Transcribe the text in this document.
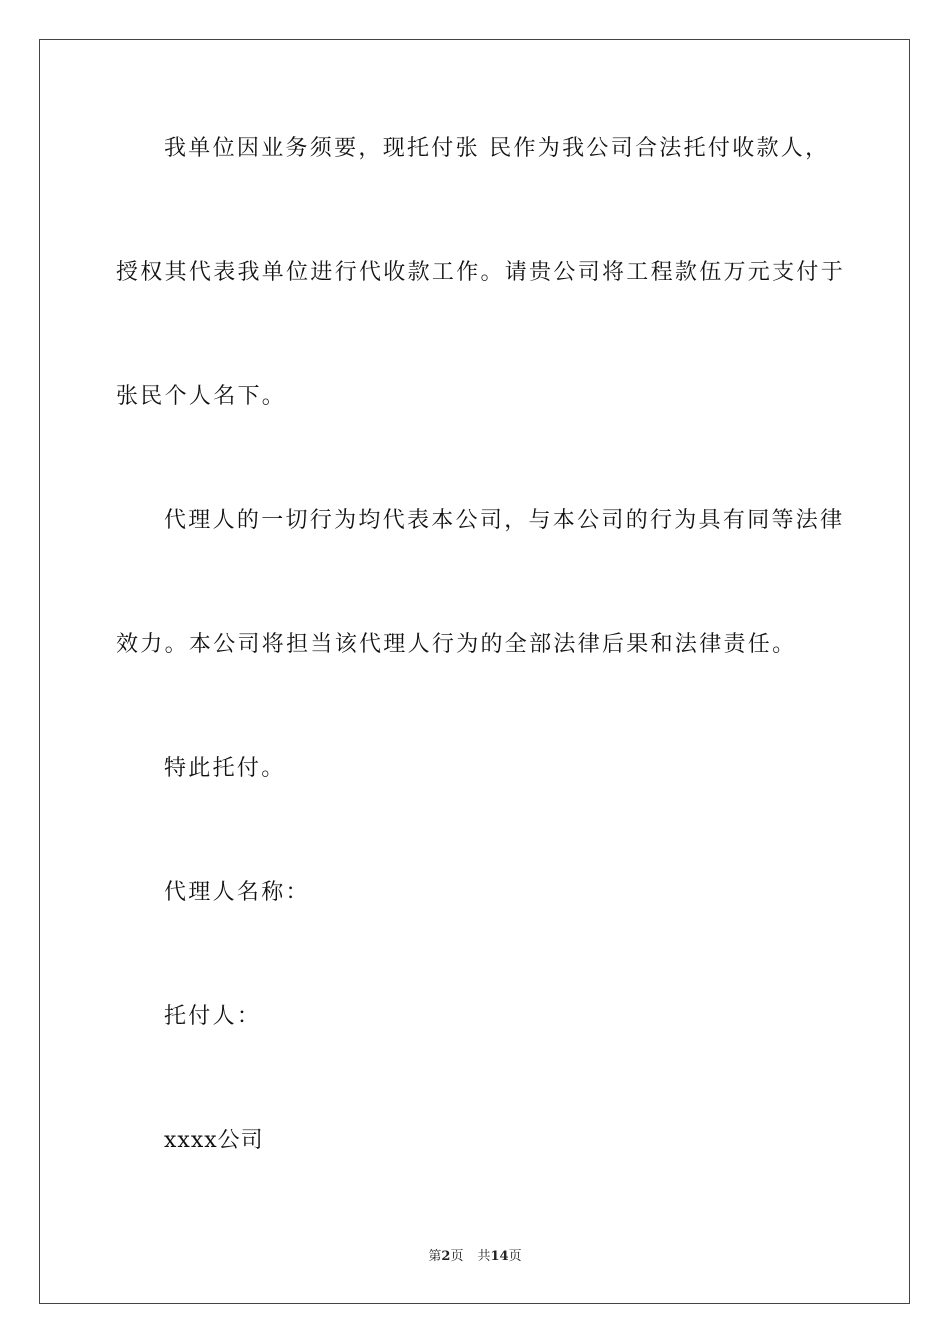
我单位因业务须要，现托付张 民作为我公司合法托付收款人，

授权其代表我单位进行代收款工作。请贵公司将工程款伍万元支付于

张民个人名下。

代理人的一切行为均代表本公司，与本公司的行为具有同等法律

效力。本公司将担当该代理人行为的全部法律后果和法律责任。

特此托付。

代理人名称：

托付人：

xxxx公司

第2页 共14页
